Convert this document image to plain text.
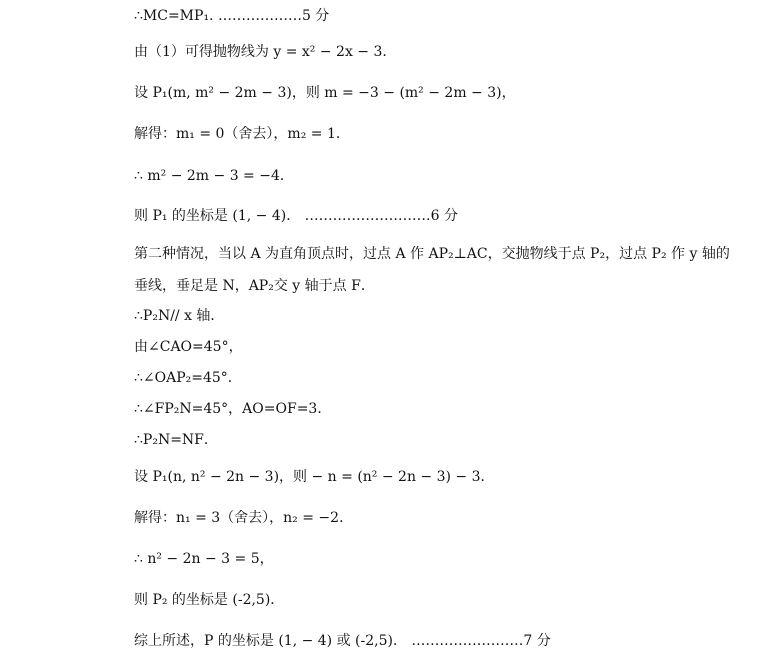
∴MC=MP₁. ………………5 分
由（1）可得抛物线为 y = x² − 2x − 3．
设 P₁(m, m² − 2m − 3)，则 m = −3 − (m² − 2m − 3)，
解得：m₁ = 0（舍去），m₂ = 1．
∴ m² − 2m − 3 = −4．
则 P₁ 的坐标是 (1, − 4)． ………………………6 分
第二种情况，当以 A 为直角顶点时，过点 A 作 AP₂⊥AC，交抛物线于点 P₂，过点 P₂ 作 y 轴的垂线，垂足是 N，AP₂交 y 轴于点 F．
∴P₂N// x 轴．
由∠CAO=45°，
∴∠OAP₂=45°．
∴∠FP₂N=45°，AO=OF=3．
∴P₂N=NF．
设 P₁(n, n² − 2n − 3)，则 − n = (n² − 2n − 3) − 3．
解得：n₁ = 3（舍去），n₂ = −2．
∴ n² − 2n − 3 = 5，
则 P₂ 的坐标是 (-2,5)．
综上所述，P 的坐标是 (1, − 4) 或 (-2,5)． ……………………7 分
